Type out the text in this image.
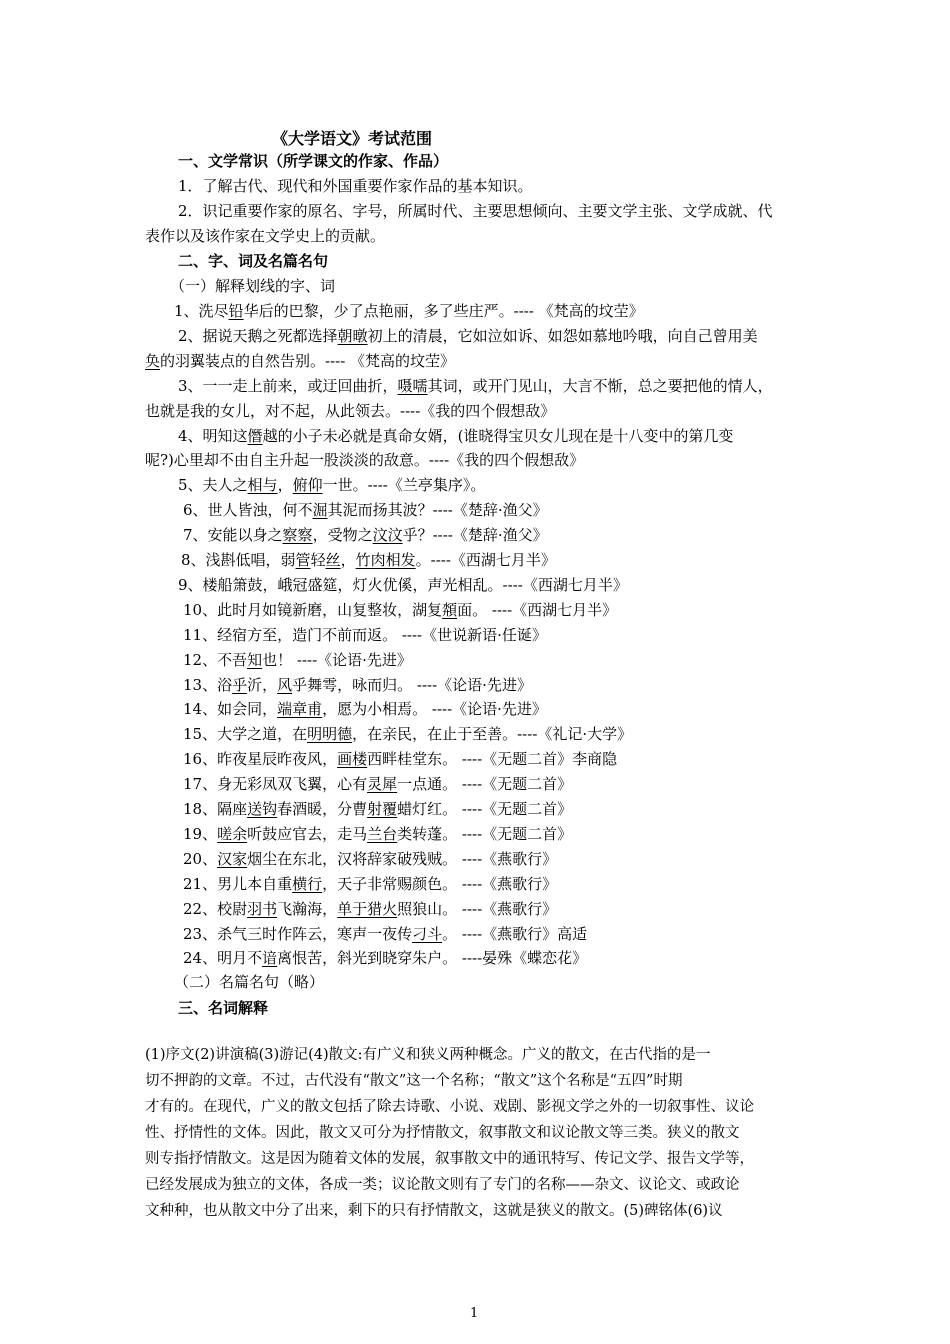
《大学语文》考试范围
一、文学常识（所学课文的作家、作品）
1．了解古代、现代和外国重要作家作品的基本知识。
2．识记重要作家的原名、字号，所属时代、主要思想倾向、主要文学主张、文学成就、代
表作以及该作家在文学史上的贡献。
二、字、词及名篇名句
（一）解释划线的字、词
1、洗尽铅华后的巴黎，少了点艳丽，多了些庄严。---- 《梵高的坟茔》
2、据说天鹅之死都选择朝暾初上的清晨，它如泣如诉、如怨如慕地吟哦，向自己曾用美
奂的羽翼装点的自然告别。---- 《梵高的坟茔》
3、一一走上前来，或迂回曲折，嗫嚅其词，或开门见山，大言不惭，总之要把他的情人，
也就是我的女儿，对不起，从此领去。----《我的四个假想敌》
4、明知这僭越的小子未必就是真命女婿，(谁晓得宝贝女儿现在是十八变中的第几变
呢?)心里却不由自主升起一股淡淡的敌意。----《我的四个假想敌》
5、夫人之相与，俯仰一世。----《兰亭集序》。
6、世人皆浊，何不淈其泥而扬其波？----《楚辞·渔父》
7、安能以身之察察，受物之汶汶乎？----《楚辞·渔父》
8、浅斟低唱，弱管轻丝，竹肉相发。----《西湖七月半》
9、楼船箫鼓，峨冠盛筵，灯火优傒，声光相乱。----《西湖七月半》
10、此时月如镜新磨，山复整妆，湖复頮面。 ----《西湖七月半》
11、经宿方至，造门不前而返。 ----《世说新语·任诞》
12、不吾知也！ ----《论语·先进》
13、浴乎沂，风乎舞雩，咏而归。 ----《论语·先进》
14、如会同，端章甫，愿为小相焉。 ----《论语·先进》
15、大学之道，在明明德，在亲民，在止于至善。----《礼记·大学》
16、昨夜星辰昨夜风，画楼西畔桂堂东。 ----《无题二首》李商隐
17、身无彩凤双飞翼，心有灵犀一点通。 ----《无题二首》
18、隔座送钩春酒暖，分曹射覆蜡灯红。 ----《无题二首》
19、嗟余听鼓应官去，走马兰台类转蓬。 ----《无题二首》
20、汉家烟尘在东北，汉将辞家破残贼。 ----《燕歌行》
21、男儿本自重横行，天子非常赐颜色。 ----《燕歌行》
22、校尉羽书飞瀚海，单于猎火照狼山。 ----《燕歌行》
23、杀气三时作阵云，寒声一夜传刁斗。 ----《燕歌行》高适
24、明月不谙离恨苦，斜光到晓穿朱户。 ----晏殊《蝶恋花》
（二）名篇名句（略）
三、名词解释
(1)序文(2)讲演稿(3)游记(4)散文:有广义和狭义两种概念。广义的散文，在古代指的是一
切不押韵的文章。不过，古代没有“散文”这一个名称；“散文”这个名称是“五四”时期
才有的。在现代，广义的散文包括了除去诗歌、小说、戏剧、影视文学之外的一切叙事性、议论
性、抒情性的文体。因此，散文又可分为抒情散文，叙事散文和议论散文等三类。狭义的散文
则专指抒情散文。这是因为随着文体的发展，叙事散文中的通讯特写、传记文学、报告文学等，
已经发展成为独立的文体，各成一类；议论散文则有了专门的名称——杂文、议论文、或政论
文种种，也从散文中分了出来，剩下的只有抒情散文，这就是狭义的散文。(5)碑铭体(6)议
1
